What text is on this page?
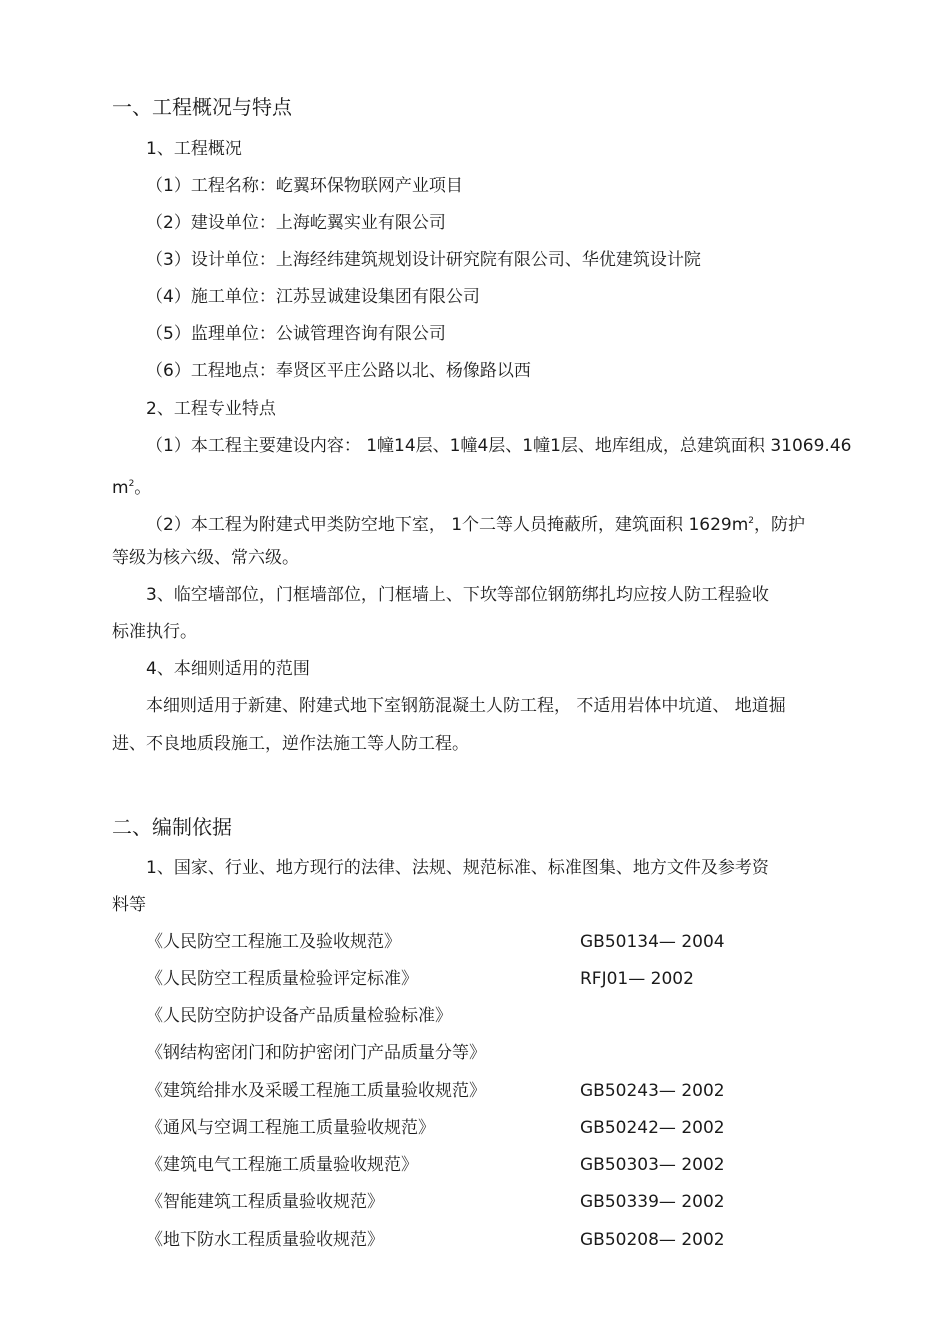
一、工程概况与特点
1、工程概况
（1）工程名称：屹翼环保物联网产业项目
（2）建设单位：上海屹翼实业有限公司
（3）设计单位：上海经纬建筑规划设计研究院有限公司、华优建筑设计院
（4）施工单位：江苏昱诚建设集团有限公司
（5）监理单位：公诚管理咨询有限公司
（6）工程地点：奉贤区平庄公路以北、杨像路以西
2、工程专业特点
（1）本工程主要建设内容： 1幢14层、1幢4层、1幢1层、地库组成，总建筑面积 31069.46
$m^2$。
（2）本工程为附建式甲类防空地下室， 1个二等人员掩蔽所，建筑面积 $1629m^2$，防护
等级为核六级、常六级。
3、临空墙部位，门框墙部位，门框墙上、下坎等部位钢筋绑扎均应按人防工程验收
标准执行。
4、本细则适用的范围
本细则适用于新建、附建式地下室钢筋混凝土人防工程， 不适用岩体中坑道、 地道掘
进、不良地质段施工，逆作法施工等人防工程。
二、编制依据
1、国家、行业、地方现行的法律、法规、规范标准、标准图集、地方文件及参考资
料等
《人民防空工程施工及验收规范》	GB50134— 2004
《人民防空工程质量检验评定标准》	RFJ01— 2002
《人民防空防护设备产品质量检验标准》
《钢结构密闭门和防护密闭门产品质量分等》
《建筑给排水及采暖工程施工质量验收规范》	GB50243— 2002
《通风与空调工程施工质量验收规范》	GB50242— 2002
《建筑电气工程施工质量验收规范》	GB50303— 2002
《智能建筑工程质量验收规范》	GB50339— 2002
《地下防水工程质量验收规范》	GB50208— 2002
